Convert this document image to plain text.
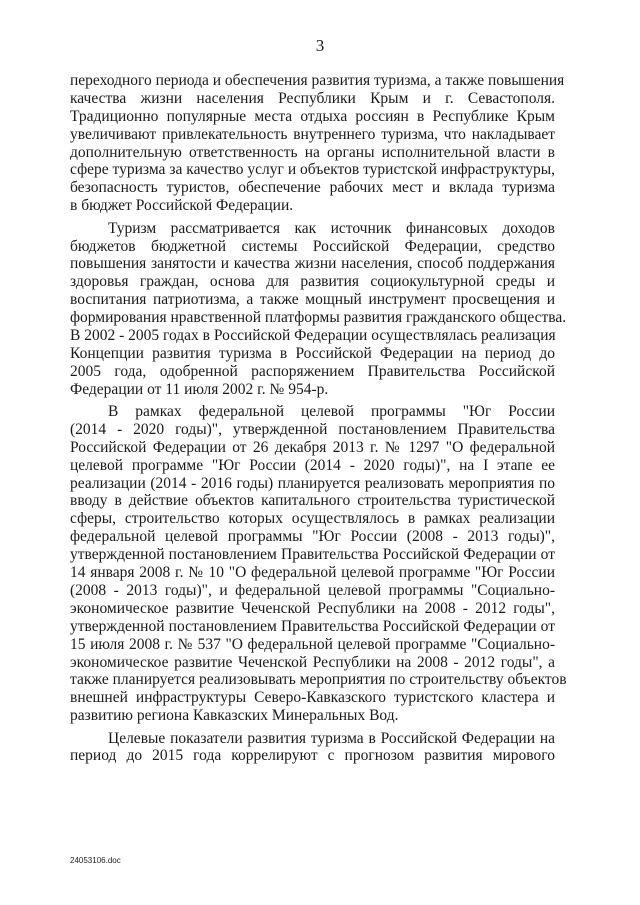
3
переходного периода и обеспечения развития туризма, а также повышения
качества жизни населения Республики Крым и г. Севастополя.
Традиционно популярные места отдыха россиян в Республике Крым
увеличивают привлекательность внутреннего туризма, что накладывает
дополнительную ответственность на органы исполнительной власти в
сфере туризма за качество услуг и объектов туристской инфраструктуры,
безопасность туристов, обеспечение рабочих мест и вклада туризма
в бюджет Российской Федерации.
Туризм рассматривается как источник финансовых доходов
бюджетов бюджетной системы Российской Федерации, средство
повышения занятости и качества жизни населения, способ поддержания
здоровья граждан, основа для развития социокультурной среды и
воспитания патриотизма, а также мощный инструмент просвещения и
формирования нравственной платформы развития гражданского общества.
В 2002 - 2005 годах в Российской Федерации осуществлялась реализация
Концепции развития туризма в Российской Федерации на период до
2005 года, одобренной распоряжением Правительства Российской
Федерации от 11 июля 2002 г. № 954-р.
В рамках федеральной целевой программы "Юг России
(2014 - 2020 годы)", утвержденной постановлением Правительства
Российской Федерации от 26 декабря 2013 г. № 1297 "О федеральной
целевой программе "Юг России (2014 - 2020 годы)", на I этапе ее
реализации (2014 - 2016 годы) планируется реализовать мероприятия по
вводу в действие объектов капитального строительства туристической
сферы, строительство которых осуществлялось в рамках реализации
федеральной целевой программы "Юг России (2008 - 2013 годы)",
утвержденной постановлением Правительства Российской Федерации от
14 января 2008 г. № 10 "О федеральной целевой программе "Юг России
(2008 - 2013 годы)", и федеральной целевой программы "Социально-
экономическое развитие Чеченской Республики на 2008 - 2012 годы",
утвержденной постановлением Правительства Российской Федерации от
15 июля 2008 г. № 537 "О федеральной целевой программе "Социально-
экономическое развитие Чеченской Республики на 2008 - 2012 годы", а
также планируется реализовывать мероприятия по строительству объектов
внешней инфраструктуры Северо-Кавказского туристского кластера и
развитию региона Кавказских Минеральных Вод.
Целевые показатели развития туризма в Российской Федерации на
период до 2015 года коррелируют с прогнозом развития мирового
24053106.doc
